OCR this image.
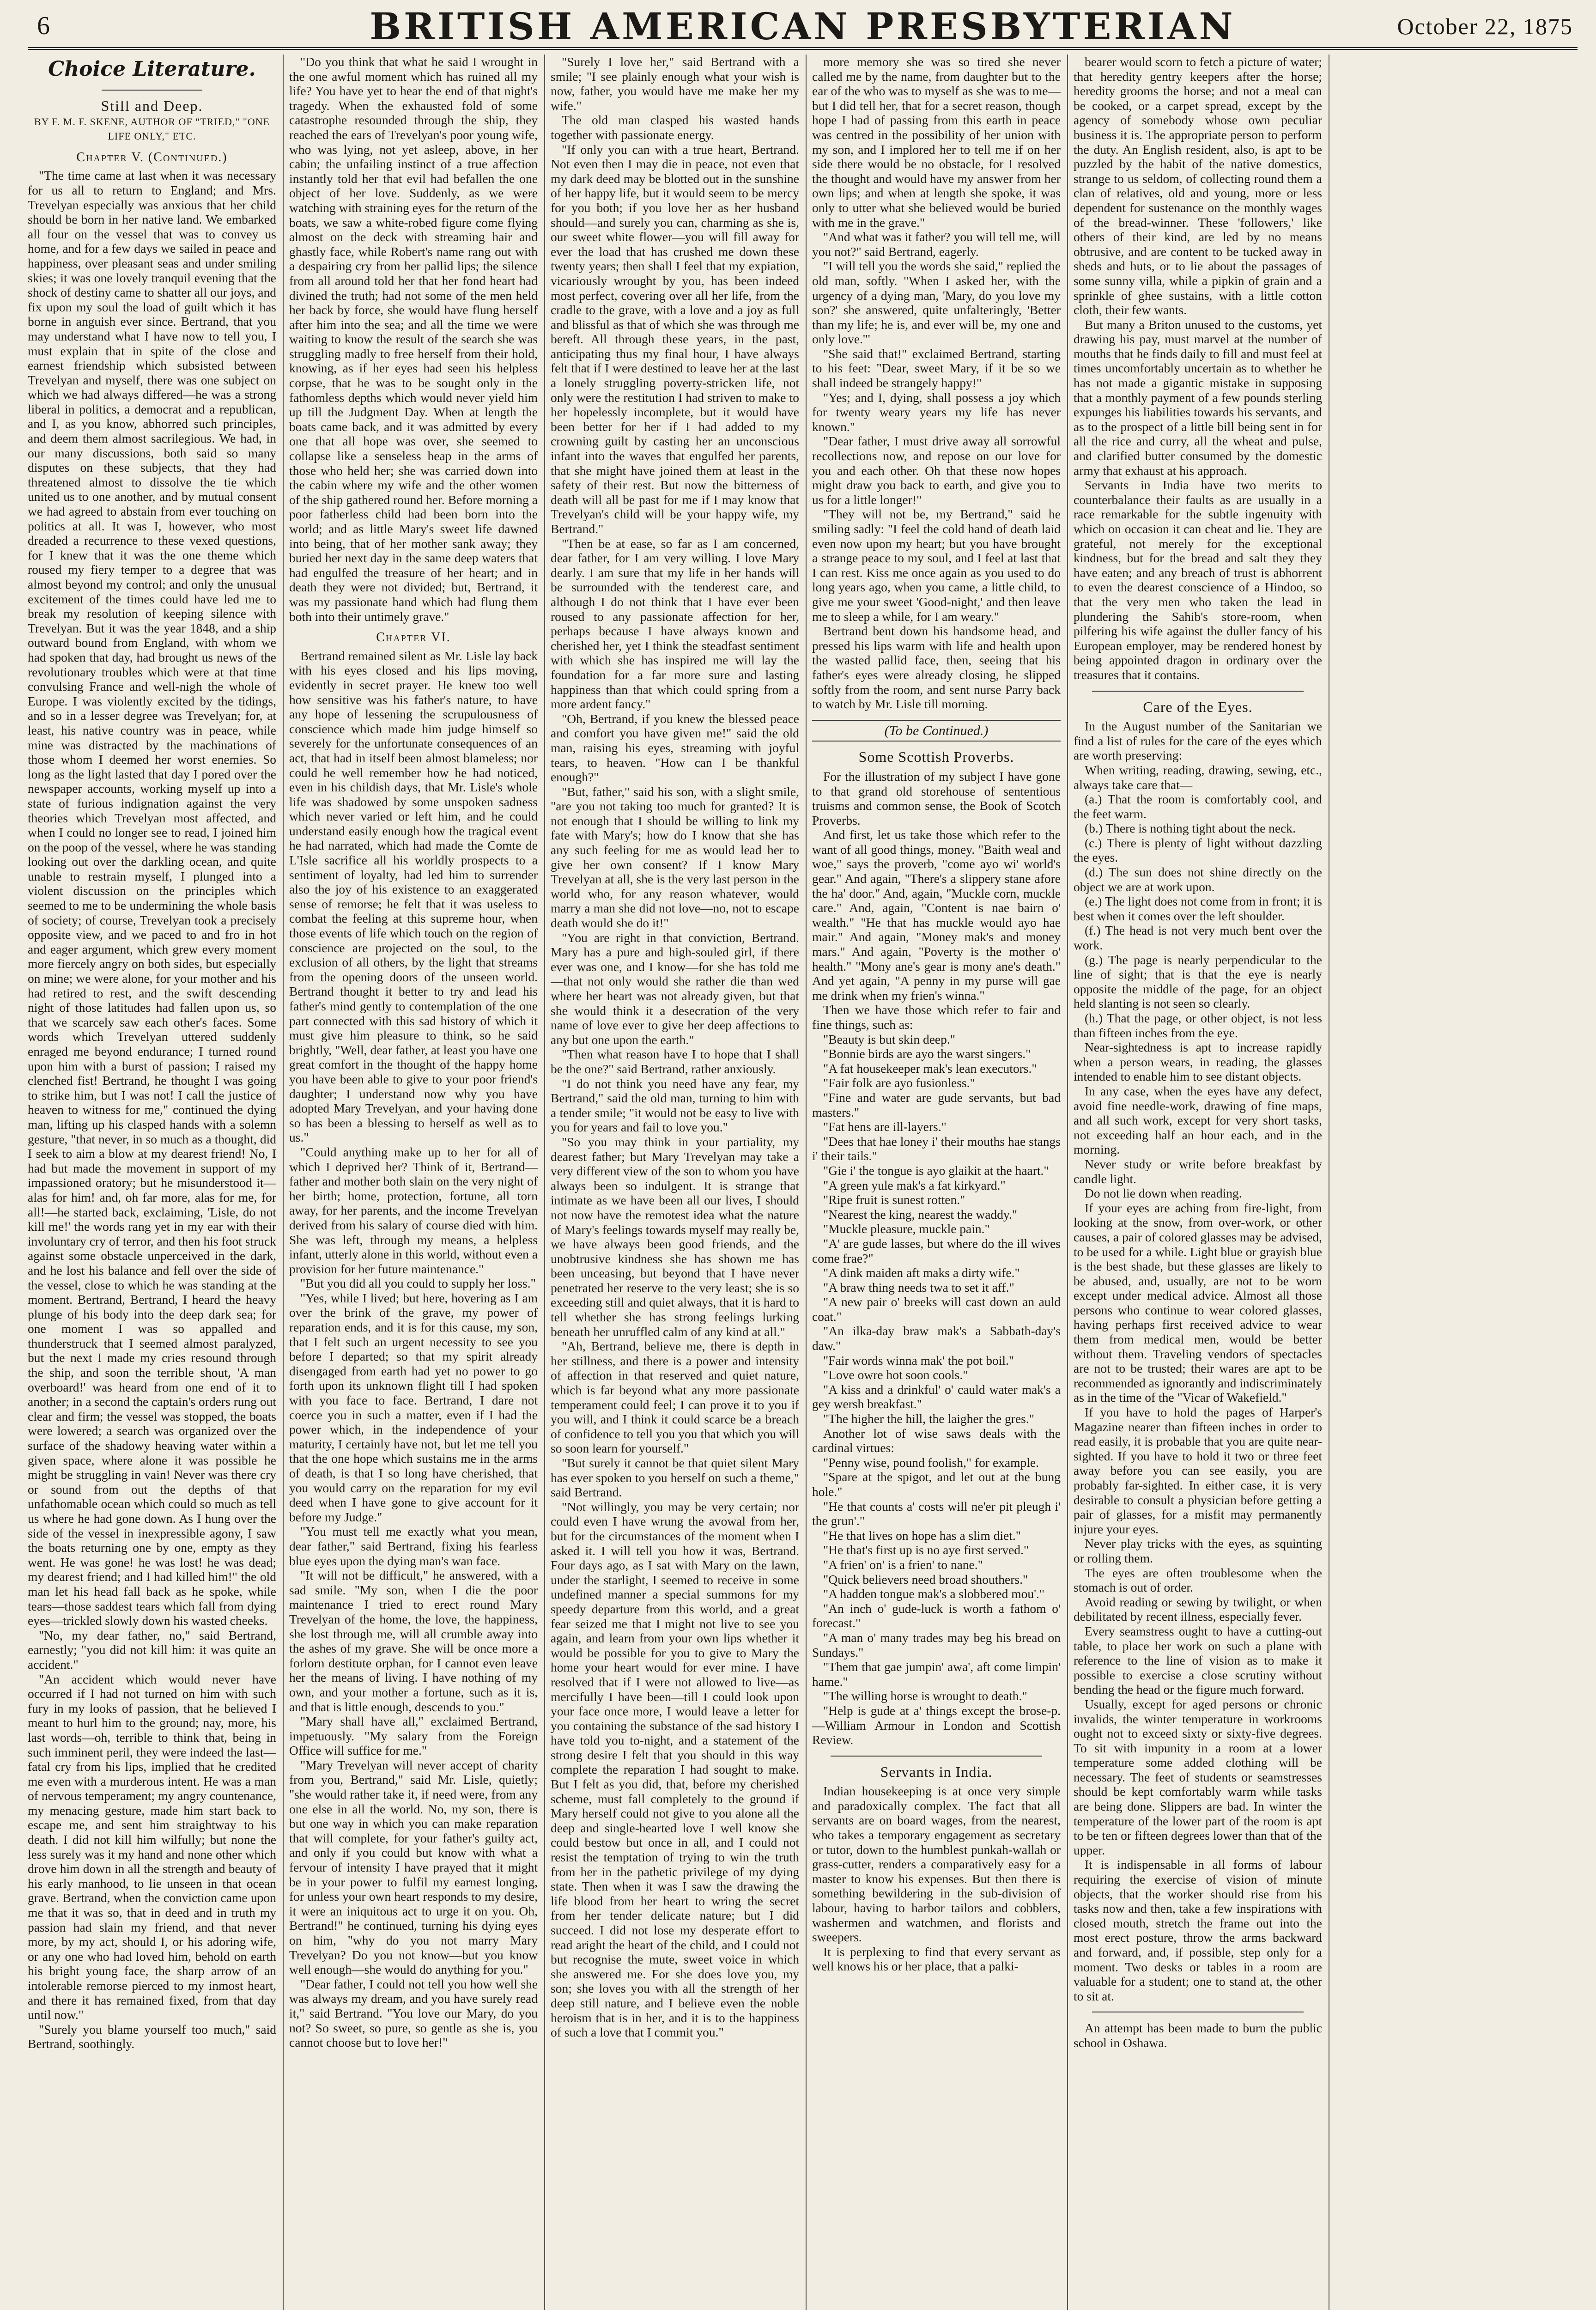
6	BRITISH AMERICAN PRESBYTERIAN	October 22, 1875
Choice Literature.
Still and Deep.
BY F. M. F. SKENE, AUTHOR OF "TRIED," "ONE LIFE ONLY," ETC.
Chapter V. (Continued.)

"The time came at last when it was necessary for us all to return to England; and Mrs. Trevelyan especially was anxious that her child should be born in her native land. We embarked all four on the vessel that was to convey us home, and for a few days we sailed in peace and happiness, over pleasant seas and under smiling skies; it was one lovely tranquil evening that the shock of destiny came to shatter all our joys, and fix upon my soul the load of guilt which it has borne in anguish ever since. Bertrand, that you may understand what I have now to tell you, I must explain that in spite of the close and earnest friendship which subsisted between Trevelyan and myself, there was one subject on which we had always differed—he was a strong liberal in politics, a democrat and a republican, and I, as you know, abhorred such principles, and deem them almost sacrilegious. We had, in our many discussions, both said so many disputes on these subjects, that they had threatened almost to dissolve the tie which united us to one another, and by mutual consent we had agreed to abstain from ever touching on politics at all. It was I, however, who most dreaded a recurrence to these vexed questions, for I knew that it was the one theme which roused my fiery temper to a degree that was almost beyond my control; and only the unusual excitement of the times could have led me to break my resolution of keeping silence with Trevelyan. But it was the year 1848, and a ship outward bound from England, with whom we had spoken that day, had brought us news of the revolutionary troubles which were at that time convulsing France and well-nigh the whole of Europe. I was violently excited by the tidings, and so in a lesser degree was Trevelyan; for, at least, his native country was in peace, while mine was distracted by the machinations of those whom I deemed her worst enemies. So long as the light lasted that day I pored over the newspaper accounts, working myself up into a state of furious indignation against the very theories which Trevelyan most affected, and when I could no longer see to read, I joined him on the poop of the vessel, where he was standing looking out over the darkling ocean, and quite unable to restrain myself, I plunged into a violent discussion on the principles which seemed to me to be undermining the whole basis of society; of course, Trevelyan took a precisely opposite view, and we paced to and fro in hot and eager argument, which grew every moment more fiercely angry on both sides, but especially on mine; we were alone, for your mother and his had retired to rest, and the swift descending night of those latitudes had fallen upon us, so that we scarcely saw each other's faces. Some words which Trevelyan uttered suddenly enraged me beyond endurance; I turned round upon him with a burst of passion; I raised my clenched fist! Bertrand, he thought I was going to strike him, but I was not! I call the justice of heaven to witness for me," continued the dying man, lifting up his clasped hands with a solemn gesture, "that never, in so much as a thought, did I seek to aim a blow at my dearest friend! No, I had but made the movement in support of my impassioned oratory; but he misunderstood it—alas for him! and, oh far more, alas for me, for all!—he started back, exclaiming, 'Lisle, do not kill me!' the words rang yet in my ear with their involuntary cry of terror, and then his foot struck against some obstacle unperceived in the dark, and he lost his balance and fell over the side of the vessel, close to which he was standing at the moment. Bertrand, Bertrand, I heard the heavy plunge of his body into the deep dark sea; for one moment I was so appalled and thunderstruck that I seemed almost paralyzed, but the next I made my cries resound through the ship, and soon the terrible shout, 'A man overboard!' was heard from one end of it to another; in a second the captain's orders rung out clear and firm; the vessel was stopped, the boats were lowered; a search was organized over the surface of the shadowy heaving water within a given space, where alone it was possible he might be struggling in vain! Never was there cry or sound from out the depths of that unfathomable ocean which could so much as tell us where he had gone down. As I hung over the side of the vessel in inexpressible agony, I saw the boats returning one by one, empty as they went. He was gone! he was lost! he was dead; my dearest friend; and I had killed him!" the old man let his head fall back as he spoke, while tears—those saddest tears which fall from dying eyes—trickled slowly down his wasted cheeks.

"No, my dear father, no," said Bertrand, earnestly; "you did not kill him: it was quite an accident."

"An accident which would never have occurred if I had not turned on him with such fury in my looks of passion, that he believed I meant to hurl him to the ground; nay, more, his last words—oh, terrible to think that, being in such imminent peril, they were indeed the last—fatal cry from his lips, implied that he credited me even with a murderous intent. He was a man of nervous temperament; my angry countenance, my menacing gesture, made him start back to escape me, and sent him straightway to his death. I did not kill him wilfully; but none the less surely was it my hand and none other which drove him down in all the strength and beauty of his early manhood, to lie unseen in that ocean grave. Bertrand, when the conviction came upon me that it was so, that in deed and in truth my passion had slain my friend, and that never more, by my act, should I, or his adoring wife, or any one who had loved him, behold on earth his bright young face, the sharp arrow of an intolerable remorse pierced to my inmost heart, and there it has remained fixed, from that day until now."

"Surely you blame yourself too much," said Bertrand, soothingly.

"Do you think that what he said I wrought in the one awful moment which has ruined all my life? You have yet to hear the end of that night's tragedy. When the exhausted fold of some catastrophe resounded through the ship, they reached the ears of Trevelyan's poor young wife, who was lying, not yet asleep, above, in her cabin; the unfailing instinct of a true affection instantly told her that evil had befallen the one object of her love. Suddenly, as we were watching with straining eyes for the return of the boats, we saw a white-robed figure come flying almost on the deck with streaming hair and ghastly face, while Robert's name rang out with a despairing cry from her pallid lips; the silence from all around told her that her fond heart had divined the truth; had not some of the men held her back by force, she would have flung herself after him into the sea; and all the time we were waiting to know the result of the search she was struggling madly to free herself from their hold, knowing, as if her eyes had seen his helpless corpse, that he was to be sought only in the fathomless depths which would never yield him up till the Judgment Day. When at length the boats came back, and it was admitted by every one that all hope was over, she seemed to collapse like a senseless heap in the arms of those who held her; she was carried down into the cabin where my wife and the other women of the ship gathered round her. Before morning a poor fatherless child had been born into the world; and as little Mary's sweet life dawned into being, that of her mother sank away; they buried her next day in the same deep waters that had engulfed the treasure of her heart; and in death they were not divided; but, Bertrand, it was my passionate hand which had flung them both into their untimely grave."

Chapter VI.

Bertrand remained silent as Mr. Lisle lay back with his eyes closed and his lips moving, evidently in secret prayer. He knew too well how sensitive was his father's nature, to have any hope of lessening the scrupulousness of conscience which made him judge himself so severely for the unfortunate consequences of an act, that had in itself been almost blameless; nor could he well remember how he had noticed, even in his childish days, that Mr. Lisle's whole life was shadowed by some unspoken sadness which never varied or left him, and he could understand easily enough how the tragical event he had narrated, which had made the Comte de L'Isle sacrifice all his worldly prospects to a sentiment of loyalty, had led him to surrender also the joy of his existence to an exaggerated sense of remorse; he felt that it was useless to combat the feeling at this supreme hour, when those events of life which touch on the region of conscience are projected on the soul, to the exclusion of all others, by the light that streams from the opening doors of the unseen world. Bertrand thought it better to try and lead his father's mind gently to contemplation of the one part connected with this sad history of which it must give him pleasure to think, so he said brightly, "Well, dear father, at least you have one great comfort in the thought of the happy home you have been able to give to your poor friend's daughter; I understand now why you have adopted Mary Trevelyan, and your having done so has been a blessing to herself as well as to us."

"Could anything make up to her for all of which I deprived her? Think of it, Bertrand—father and mother both slain on the very night of her birth; home, protection, fortune, all torn away, for her parents, and the income Trevelyan derived from his salary of course died with him. She was left, through my means, a helpless infant, utterly alone in this world, without even a provision for her future maintenance."

"But you did all you could to supply her loss."

"Yes, while I lived; but here, hovering as I am over the brink of the grave, my power of reparation ends, and it is for this cause, my son, that I felt such an urgent necessity to see you before I departed; so that my spirit already disengaged from earth had yet no power to go forth upon its unknown flight till I had spoken with you face to face. Bertrand, I dare not coerce you in such a matter, even if I had the power which, in the independence of your maturity, I certainly have not, but let me tell you that the one hope which sustains me in the arms of death, is that I so long have cherished, that you would carry on the reparation for my evil deed when I have gone to give account for it before my Judge."

"You must tell me exactly what you mean, dear father," said Bertrand, fixing his fearless blue eyes upon the dying man's wan face.

"It will not be difficult," he answered, with a sad smile. "My son, when I die the poor maintenance I tried to erect round Mary Trevelyan of the home, the love, the happiness, she lost through me, will all crumble away into the ashes of my grave. She will be once more a forlorn destitute orphan, for I cannot even leave her the means of living. I have nothing of my own, and your mother a fortune, such as it is, and that is little enough, descends to you."

"Mary shall have all," exclaimed Bertrand, impetuously. "My salary from the Foreign Office will suffice for me."

"Mary Trevelyan will never accept of charity from you, Bertrand," said Mr. Lisle, quietly; "she would rather take it, if need were, from any one else in all the world. No, my son, there is but one way in which you can make reparation that will complete, for your father's guilty act, and only if you could but know with what a fervour of intensity I have prayed that it might be in your power to fulfil my earnest longing, for unless your own heart responds to my desire, it were an iniquitous act to urge it on you. Oh, Bertrand!" he continued, turning his dying eyes on him, "why do you not marry Mary Trevelyan? Do you not know—but you know well enough—she would do anything for you."

"Dear father, I could not tell you how well she was always my dream, and you have surely read it," said Bertrand. "You love our Mary, do you not? So sweet, so pure, so gentle as she is, you cannot choose but to love her!"

"Surely I love her," said Bertrand with a smile; "I see plainly enough what your wish is now, father, you would have me make her my wife."

The old man clasped his wasted hands together with passionate energy.

"If only you can with a true heart, Bertrand. Not even then I may die in peace, not even that my dark deed may be blotted out in the sunshine of her happy life, but it would seem to be mercy for you both; if you love her as her husband should—and surely you can, charming as she is, our sweet white flower—you will fill away for ever the load that has crushed me down these twenty years; then shall I feel that my expiation, vicariously wrought by you, has been indeed most perfect, covering over all her life, from the cradle to the grave, with a love and a joy as full and blissful as that of which she was through me bereft. All through these years, in the past, anticipating thus my final hour, I have always felt that if I were destined to leave her at the last a lonely struggling poverty-stricken life, not only were the restitution I had striven to make to her hopelessly incomplete, but it would have been better for her if I had added to my crowning guilt by casting her an unconscious infant into the waves that engulfed her parents, that she might have joined them at least in the safety of their rest. But now the bitterness of death will all be past for me if I may know that Trevelyan's child will be your happy wife, my Bertrand."

"Then be at ease, so far as I am concerned, dear father, for I am very willing. I love Mary dearly. I am sure that my life in her hands will be surrounded with the tenderest care, and although I do not think that I have ever been roused to any passionate affection for her, perhaps because I have always known and cherished her, yet I think the steadfast sentiment with which she has inspired me will lay the foundation for a far more sure and lasting happiness than that which could spring from a more ardent fancy."

"Oh, Bertrand, if you knew the blessed peace and comfort you have given me!" said the old man, raising his eyes, streaming with joyful tears, to heaven. "How can I be thankful enough?"

"But, father," said his son, with a slight smile, "are you not taking too much for granted? It is not enough that I should be willing to link my fate with Mary's; how do I know that she has any such feeling for me as would lead her to give her own consent? If I know Mary Trevelyan at all, she is the very last person in the world who, for any reason whatever, would marry a man she did not love—no, not to escape death would she do it!"

"You are right in that conviction, Bertrand. Mary has a pure and high-souled girl, if there ever was one, and I know—for she has told me—that not only would she rather die than wed where her heart was not already given, but that she would think it a desecration of the very name of love ever to give her deep affections to any but one upon the earth."

"Then what reason have I to hope that I shall be the one?" said Bertrand, rather anxiously.

"I do not think you need have any fear, my Bertrand," said the old man, turning to him with a tender smile; "it would not be easy to live with you for years and fail to love you."

"So you may think in your partiality, my dearest father; but Mary Trevelyan may take a very different view of the son to whom you have always been so indulgent. It is strange that intimate as we have been all our lives, I should not now have the remotest idea what the nature of Mary's feelings towards myself may really be, we have always been good friends, and the unobtrusive kindness she has shown me has been unceasing, but beyond that I have never penetrated her reserve to the very least; she is so exceeding still and quiet always, that it is hard to tell whether she has strong feelings lurking beneath her unruffled calm of any kind at all."

"Ah, Bertrand, believe me, there is depth in her stillness, and there is a power and intensity of affection in that reserved and quiet nature, which is far beyond what any more passionate temperament could feel; I can prove it to you if you will, and I think it could scarce be a breach of confidence to tell you you that which you will so soon learn for yourself."

"But surely it cannot be that quiet silent Mary has ever spoken to you herself on such a theme," said Bertrand.

"Not willingly, you may be very certain; nor could even I have wrung the avowal from her, but for the circumstances of the moment when I asked it. I will tell you how it was, Bertrand. Four days ago, as I sat with Mary on the lawn, under the starlight, I seemed to receive in some undefined manner a special summons for my speedy departure from this world, and a great fear seized me that I might not live to see you again, and learn from your own lips whether it would be possible for you to give to Mary the home your heart would for ever mine. I have resolved that if I were not allowed to live—as mercifully I have been—till I could look upon your face once more, I would leave a letter for you containing the substance of the sad history I have told you to-night, and a statement of the strong desire I felt that you should in this way complete the reparation I had sought to make. But I felt as you did, that, before my cherished scheme, must fall completely to the ground if Mary herself could not give to you alone all the deep and single-hearted love I well know she could bestow but once in all, and I could not resist the temptation of trying to win the truth from her in the pathetic privilege of my dying state. Then when it was I saw the drawing the life blood from her heart to wring the secret from her tender delicate nature; but I did succeed. I did not lose my desperate effort to read aright the heart of the child, and I could not but recognise the mute, sweet voice in which she answered me. For she does love you, my son; she loves you with all the strength of her deep still nature, and I believe even the noble heroism that is in her, and it is to the happiness of such a love that I commit you."

more memory she was so tired she never called me by the name, from daughter but to the ear of the who was to myself as she was to me—but I did tell her, that for a secret reason, though hope I had of passing from this earth in peace was centred in the possibility of her union with my son, and I implored her to tell me if on her side there would be no obstacle, for I resolved the thought and would have my answer from her own lips; and when at length she spoke, it was only to utter what she believed would be buried with me in the grave."

"And what was it father? you will tell me, will you not?" said Bertrand, eagerly.

"I will tell you the words she said," replied the old man, softly. "When I asked her, with the urgency of a dying man, 'Mary, do you love my son?' she answered, quite unfalteringly, 'Better than my life; he is, and ever will be, my one and only love.'"

"She said that!" exclaimed Bertrand, starting to his feet: "Dear, sweet Mary, if it be so we shall indeed be strangely happy!"

"Yes; and I, dying, shall possess a joy which for twenty weary years my life has never known."

"Dear father, I must drive away all sorrowful recollections now, and repose on our love for you and each other. Oh that these now hopes might draw you back to earth, and give you to us for a little longer!"

"They will not be, my Bertrand," said he smiling sadly: "I feel the cold hand of death laid even now upon my heart; but you have brought a strange peace to my soul, and I feel at last that I can rest. Kiss me once again as you used to do long years ago, when you came, a little child, to give me your sweet 'Good-night,' and then leave me to sleep a while, for I am weary."

Bertrand bent down his handsome head, and pressed his lips warm with life and health upon the wasted pallid face, then, seeing that his father's eyes were already closing, he slipped softly from the room, and sent nurse Parry back to watch by Mr. Lisle till morning.

(To be Continued.)
Some Scottish Proverbs.

For the illustration of my subject I have gone to that grand old storehouse of sententious truisms and common sense, the Book of Scotch Proverbs.

And first, let us take those which refer to the want of all good things, money. "Baith weal and woe," says the proverb, "come ayo wi' world's gear." And again, "There's a slippery stane afore the ha' door." And, again, "Muckle corn, muckle care." And, again, "Content is nae bairn o' wealth." "He that has muckle would ayo hae mair." And again, "Money mak's and money mars." And again, "Poverty is the mother o' health." "Mony ane's gear is mony ane's death." And yet again, "A penny in my purse will gae me drink when my frien's winna."

Then we have those which refer to fair and fine things, such as:

"Beauty is but skin deep."

"Bonnie birds are ayo the warst singers."

"A fat housekeeper mak's lean executors."

"Fair folk are ayo fusionless."

"Fine and water are gude servants, but bad masters."

"Fat hens are ill-layers."

"Dees that hae loney i' their mouths hae stangs i' their tails."

"Gie i' the tongue is ayo glaikit at the haart."

"A green yule mak's a fat kirkyard."

"Ripe fruit is sunest rotten."

"Nearest the king, nearest the waddy."

"Muckle pleasure, muckle pain."

"A' are gude lasses, but where do the ill wives come frae?"

"A dink maiden aft maks a dirty wife."

"A braw thing needs twa to set it aff."

"A new pair o' breeks will cast down an auld coat."

"An ilka-day braw mak's a Sabbath-day's daw."

"Fair words winna mak' the pot boil."

"Love owre hot soon cools."

"A kiss and a drinkful' o' cauld water mak's a gey wersh breakfast."

"The higher the hill, the laigher the gres."

Another lot of wise saws deals with the cardinal virtues:

"Penny wise, pound foolish," for example.

"Spare at the spigot, and let out at the bung hole."

"He that counts a' costs will ne'er pit pleugh i' the grun'."

"He that lives on hope has a slim diet."

"He that's first up is no aye first served."

"A frien' on' is a frien' to nane."

"Quick believers need broad shouthers."

"A hadden tongue mak's a slobbered mou'."

"An inch o' gude-luck is worth a fathom o' forecast."

"A man o' many trades may beg his bread on Sundays."

"Them that gae jumpin' awa', aft come limpin' hame."

"The willing horse is wrought to death."

"Help is gude at a' things except the brose-p.—William Armour in London and Scottish Review.

Servants in India.

Indian housekeeping is at once very simple and paradoxically complex. The fact that all servants are on board wages, from the nearest, who takes a temporary engagement as secretary or tutor, down to the humblest punkah-wallah or grass-cutter, renders a comparatively easy for a master to know his expenses. But then there is something bewildering in the sub-division of labour, having to harbor tailors and cobblers, washermen and watchmen, and florists and sweepers.

It is perplexing to find that every servant as well knows his or her place, that a palki-

bearer would scorn to fetch a picture of water; that heredity gentry keepers after the horse; heredity grooms the horse; and not a meal can be cooked, or a carpet spread, except by the agency of somebody whose own peculiar business it is. The appropriate person to perform the duty. An English resident, also, is apt to be puzzled by the habit of the native domestics, strange to us seldom, of collecting round them a clan of relatives, old and young, more or less dependent for sustenance on the monthly wages of the bread-winner. These 'followers,' like others of their kind, are led by no means obtrusive, and are content to be tucked away in sheds and huts, or to lie about the passages of some sunny villa, while a pipkin of grain and a sprinkle of ghee sustains, with a little cotton cloth, their few wants.

But many a Briton unused to the customs, yet drawing his pay, must marvel at the number of mouths that he finds daily to fill and must feel at times uncomfortably uncertain as to whether he has not made a gigantic mistake in supposing that a monthly payment of a few pounds sterling expunges his liabilities towards his servants, and as to the prospect of a little bill being sent in for all the rice and curry, all the wheat and pulse, and clarified butter consumed by the domestic army that exhaust at his approach.

Servants in India have two merits to counterbalance their faults as are usually in a race remarkable for the subtle ingenuity with which on occasion it can cheat and lie. They are grateful, not merely for the exceptional kindness, but for the bread and salt they they have eaten; and any breach of trust is abhorrent to even the dearest conscience of a Hindoo, so that the very men who taken the lead in plundering the Sahib's store-room, when pilfering his wife against the duller fancy of his European employer, may be rendered honest by being appointed dragon in ordinary over the treasures that it contains.

Care of the Eyes.

In the August number of the Sanitarian we find a list of rules for the care of the eyes which are worth preserving:

When writing, reading, drawing, sewing, etc., always take care that—

(a.) That the room is comfortably cool, and the feet warm.

(b.) There is nothing tight about the neck.

(c.) There is plenty of light without dazzling the eyes.

(d.) The sun does not shine directly on the object we are at work upon.

(e.) The light does not come from in front; it is best when it comes over the left shoulder.

(f.) The head is not very much bent over the work.

(g.) The page is nearly perpendicular to the line of sight; that is that the eye is nearly opposite the middle of the page, for an object held slanting is not seen so clearly.

(h.) That the page, or other object, is not less than fifteen inches from the eye.

Near-sightedness is apt to increase rapidly when a person wears, in reading, the glasses intended to enable him to see distant objects.

In any case, when the eyes have any defect, avoid fine needle-work, drawing of fine maps, and all such work, except for very short tasks, not exceeding half an hour each, and in the morning.

Never study or write before breakfast by candle light.

Do not lie down when reading.

If your eyes are aching from fire-light, from looking at the snow, from over-work, or other causes, a pair of colored glasses may be advised, to be used for a while. Light blue or grayish blue is the best shade, but these glasses are likely to be abused, and, usually, are not to be worn except under medical advice. Almost all those persons who continue to wear colored glasses, having perhaps first received advice to wear them from medical men, would be better without them. Traveling vendors of spectacles are not to be trusted; their wares are apt to be recommended as ignorantly and indiscriminately as in the time of the "Vicar of Wakefield."

If you have to hold the pages of Harper's Magazine nearer than fifteen inches in order to read easily, it is probable that you are quite near-sighted. If you have to hold it two or three feet away before you can see easily, you are probably far-sighted. In either case, it is very desirable to consult a physician before getting a pair of glasses, for a misfit may permanently injure your eyes.

Never play tricks with the eyes, as squinting or rolling them.

The eyes are often troublesome when the stomach is out of order.

Avoid reading or sewing by twilight, or when debilitated by recent illness, especially fever.

Every seamstress ought to have a cutting-out table, to place her work on such a plane with reference to the line of vision as to make it possible to exercise a close scrutiny without bending the head or the figure much forward.

Usually, except for aged persons or chronic invalids, the winter temperature in workrooms ought not to exceed sixty or sixty-five degrees. To sit with impunity in a room at a lower temperature some added clothing will be necessary. The feet of students or seamstresses should be kept comfortably warm while tasks are being done. Slippers are bad. In winter the temperature of the lower part of the room is apt to be ten or fifteen degrees lower than that of the upper.

It is indispensable in all forms of labour requiring the exercise of vision of minute objects, that the worker should rise from his tasks now and then, take a few inspirations with closed mouth, stretch the frame out into the most erect posture, throw the arms backward and forward, and, if possible, step only for a moment. Two desks or tables in a room are valuable for a student; one to stand at, the other to sit at.

An attempt has been made to burn the public school in Oshawa.
